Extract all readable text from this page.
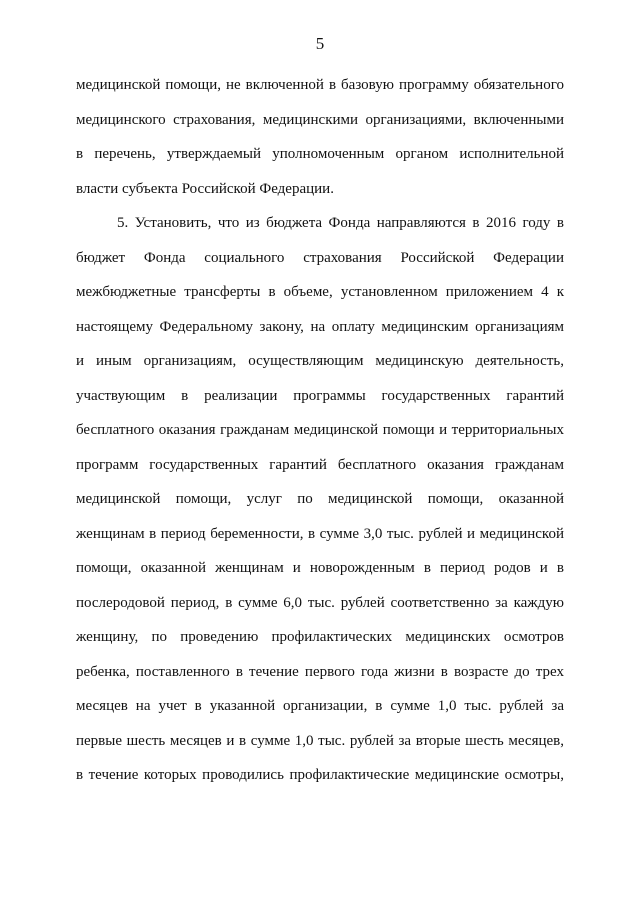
5
медицинской помощи, не включенной в базовую программу обязательного
медицинского страхования, медицинскими организациями, включенными
в перечень, утверждаемый уполномоченным органом исполнительной
власти субъекта Российской Федерации.
5. Установить, что из бюджета Фонда направляются в 2016 году в
бюджет Фонда социального страхования Российской Федерации
межбюджетные трансферты в объеме, установленном приложением 4 к
настоящему Федеральному закону, на оплату медицинским организациям
и иным организациям, осуществляющим медицинскую деятельность,
участвующим в реализации программы государственных гарантий
бесплатного оказания гражданам медицинской помощи и территориальных
программ государственных гарантий бесплатного оказания гражданам
медицинской помощи, услуг по медицинской помощи, оказанной
женщинам в период беременности, в сумме 3,0 тыс. рублей и медицинской
помощи, оказанной женщинам и новорожденным в период родов и в
послеродовой период, в сумме 6,0 тыс. рублей соответственно за каждую
женщину, по проведению профилактических медицинских осмотров
ребенка, поставленного в течение первого года жизни в возрасте до трех
месяцев на учет в указанной организации, в сумме 1,0 тыс. рублей за
первые шесть месяцев и в сумме 1,0 тыс. рублей за вторые шесть месяцев,
в течение которых проводились профилактические медицинские осмотры,
